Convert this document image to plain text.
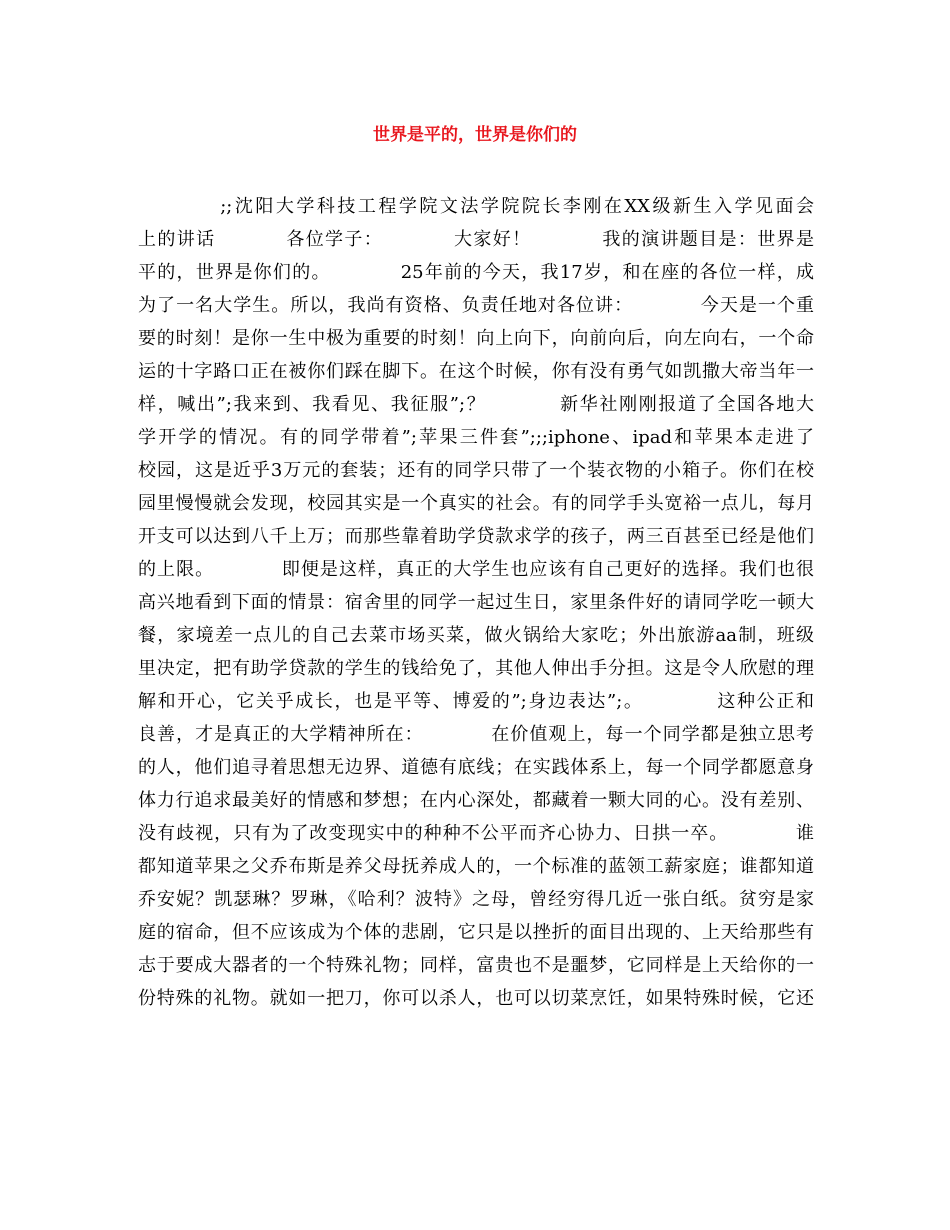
世界是平的，世界是你们的
;;沈阳大学科技工程学院文法学院院长李刚在XX级新生入学见面会
上的讲话          各位学子：          大家好！          我的演讲题目是：世界是
平的，世界是你们的。          25年前的今天，我17岁，和在座的各位一样，成
为了一名大学生。所以，我尚有资格、负责任地对各位讲：          今天是一个重
要的时刻！是你一生中极为重要的时刻！向上向下，向前向后，向左向右，一个命
运的十字路口正在被你们踩在脚下。在这个时候，你有没有勇气如凯撒大帝当年一
样，喊出”;我来到、我看见、我征服”;？          新华社刚刚报道了全国各地大
学开学的情况。有的同学带着”;苹果三件套”;;;iphone、ipad和苹果本走进了
校园，这是近乎3万元的套装；还有的同学只带了一个装衣物的小箱子。你们在校
园里慢慢就会发现，校园其实是一个真实的社会。有的同学手头宽裕一点儿，每月
开支可以达到八千上万；而那些靠着助学贷款求学的孩子，两三百甚至已经是他们
的上限。          即便是这样，真正的大学生也应该有自己更好的选择。我们也很
高兴地看到下面的情景：宿舍里的同学一起过生日，家里条件好的请同学吃一顿大
餐，家境差一点儿的自己去菜市场买菜，做火锅给大家吃；外出旅游aa制，班级
里决定，把有助学贷款的学生的钱给免了，其他人伸出手分担。这是令人欣慰的理
解和开心，它关乎成长，也是平等、博爱的”;身边表达”;。          这种公正和
良善，才是真正的大学精神所在：          在价值观上，每一个同学都是独立思考
的人，他们追寻着思想无边界、道德有底线；在实践体系上，每一个同学都愿意身
体力行追求最美好的情感和梦想；在内心深处，都藏着一颗大同的心。没有差别、
没有歧视，只有为了改变现实中的种种不公平而齐心协力、日拱一卒。          谁
都知道苹果之父乔布斯是养父母抚养成人的，一个标准的蓝领工薪家庭；谁都知道
乔安妮？凯瑟琳？罗琳，《哈利？波特》之母，曾经穷得几近一张白纸。贫穷是家
庭的宿命，但不应该成为个体的悲剧，它只是以挫折的面目出现的、上天给那些有
志于要成大器者的一个特殊礼物；同样，富贵也不是噩梦，它同样是上天给你的一
份特殊的礼物。就如一把刀，你可以杀人，也可以切菜烹饪，如果特殊时候，它还
